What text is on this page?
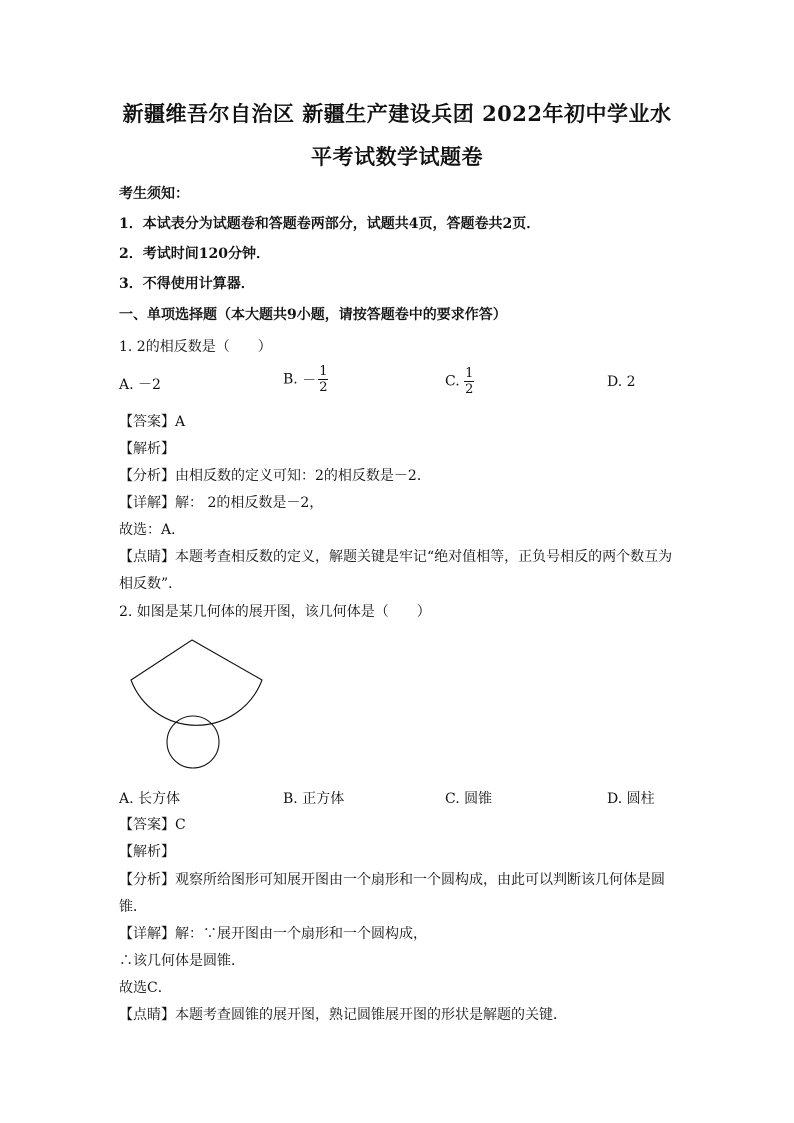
新疆维吾尔自治区 新疆生产建设兵团 2022年初中学业水
平考试数学试题卷
考生须知：
1．本试表分为试题卷和答题卷两部分，试题共4页，答题卷共2页．
2．考试时间120分钟．
3．不得使用计算器．
一、单项选择题（本大题共9小题，请按答题卷中的要求作答）
1. 2的相反数是（　　）
A. －2	B. － $\frac{1}{2}$	C. $\frac{1}{2}$	D. 2
【答案】A
【解析】
【分析】由相反数的定义可知：2的相反数是－2．
【详解】解： 2的相反数是－2，
故选：A．
【点睛】本题考查相反数的定义，解题关键是牢记“绝对值相等，正负号相反的两个数互为
相反数”．
2. 如图是某几何体的展开图，该几何体是（　　）
A. 长方体	B. 正方体	C. 圆锥	D. 圆柱
【答案】C
【解析】
【分析】观察所给图形可知展开图由一个扇形和一个圆构成，由此可以判断该几何体是圆
锥．
【详解】解：∵展开图由一个扇形和一个圆构成，
∴该几何体是圆锥．
故选C．
【点睛】本题考查圆锥的展开图，熟记圆锥展开图的形状是解题的关键．
